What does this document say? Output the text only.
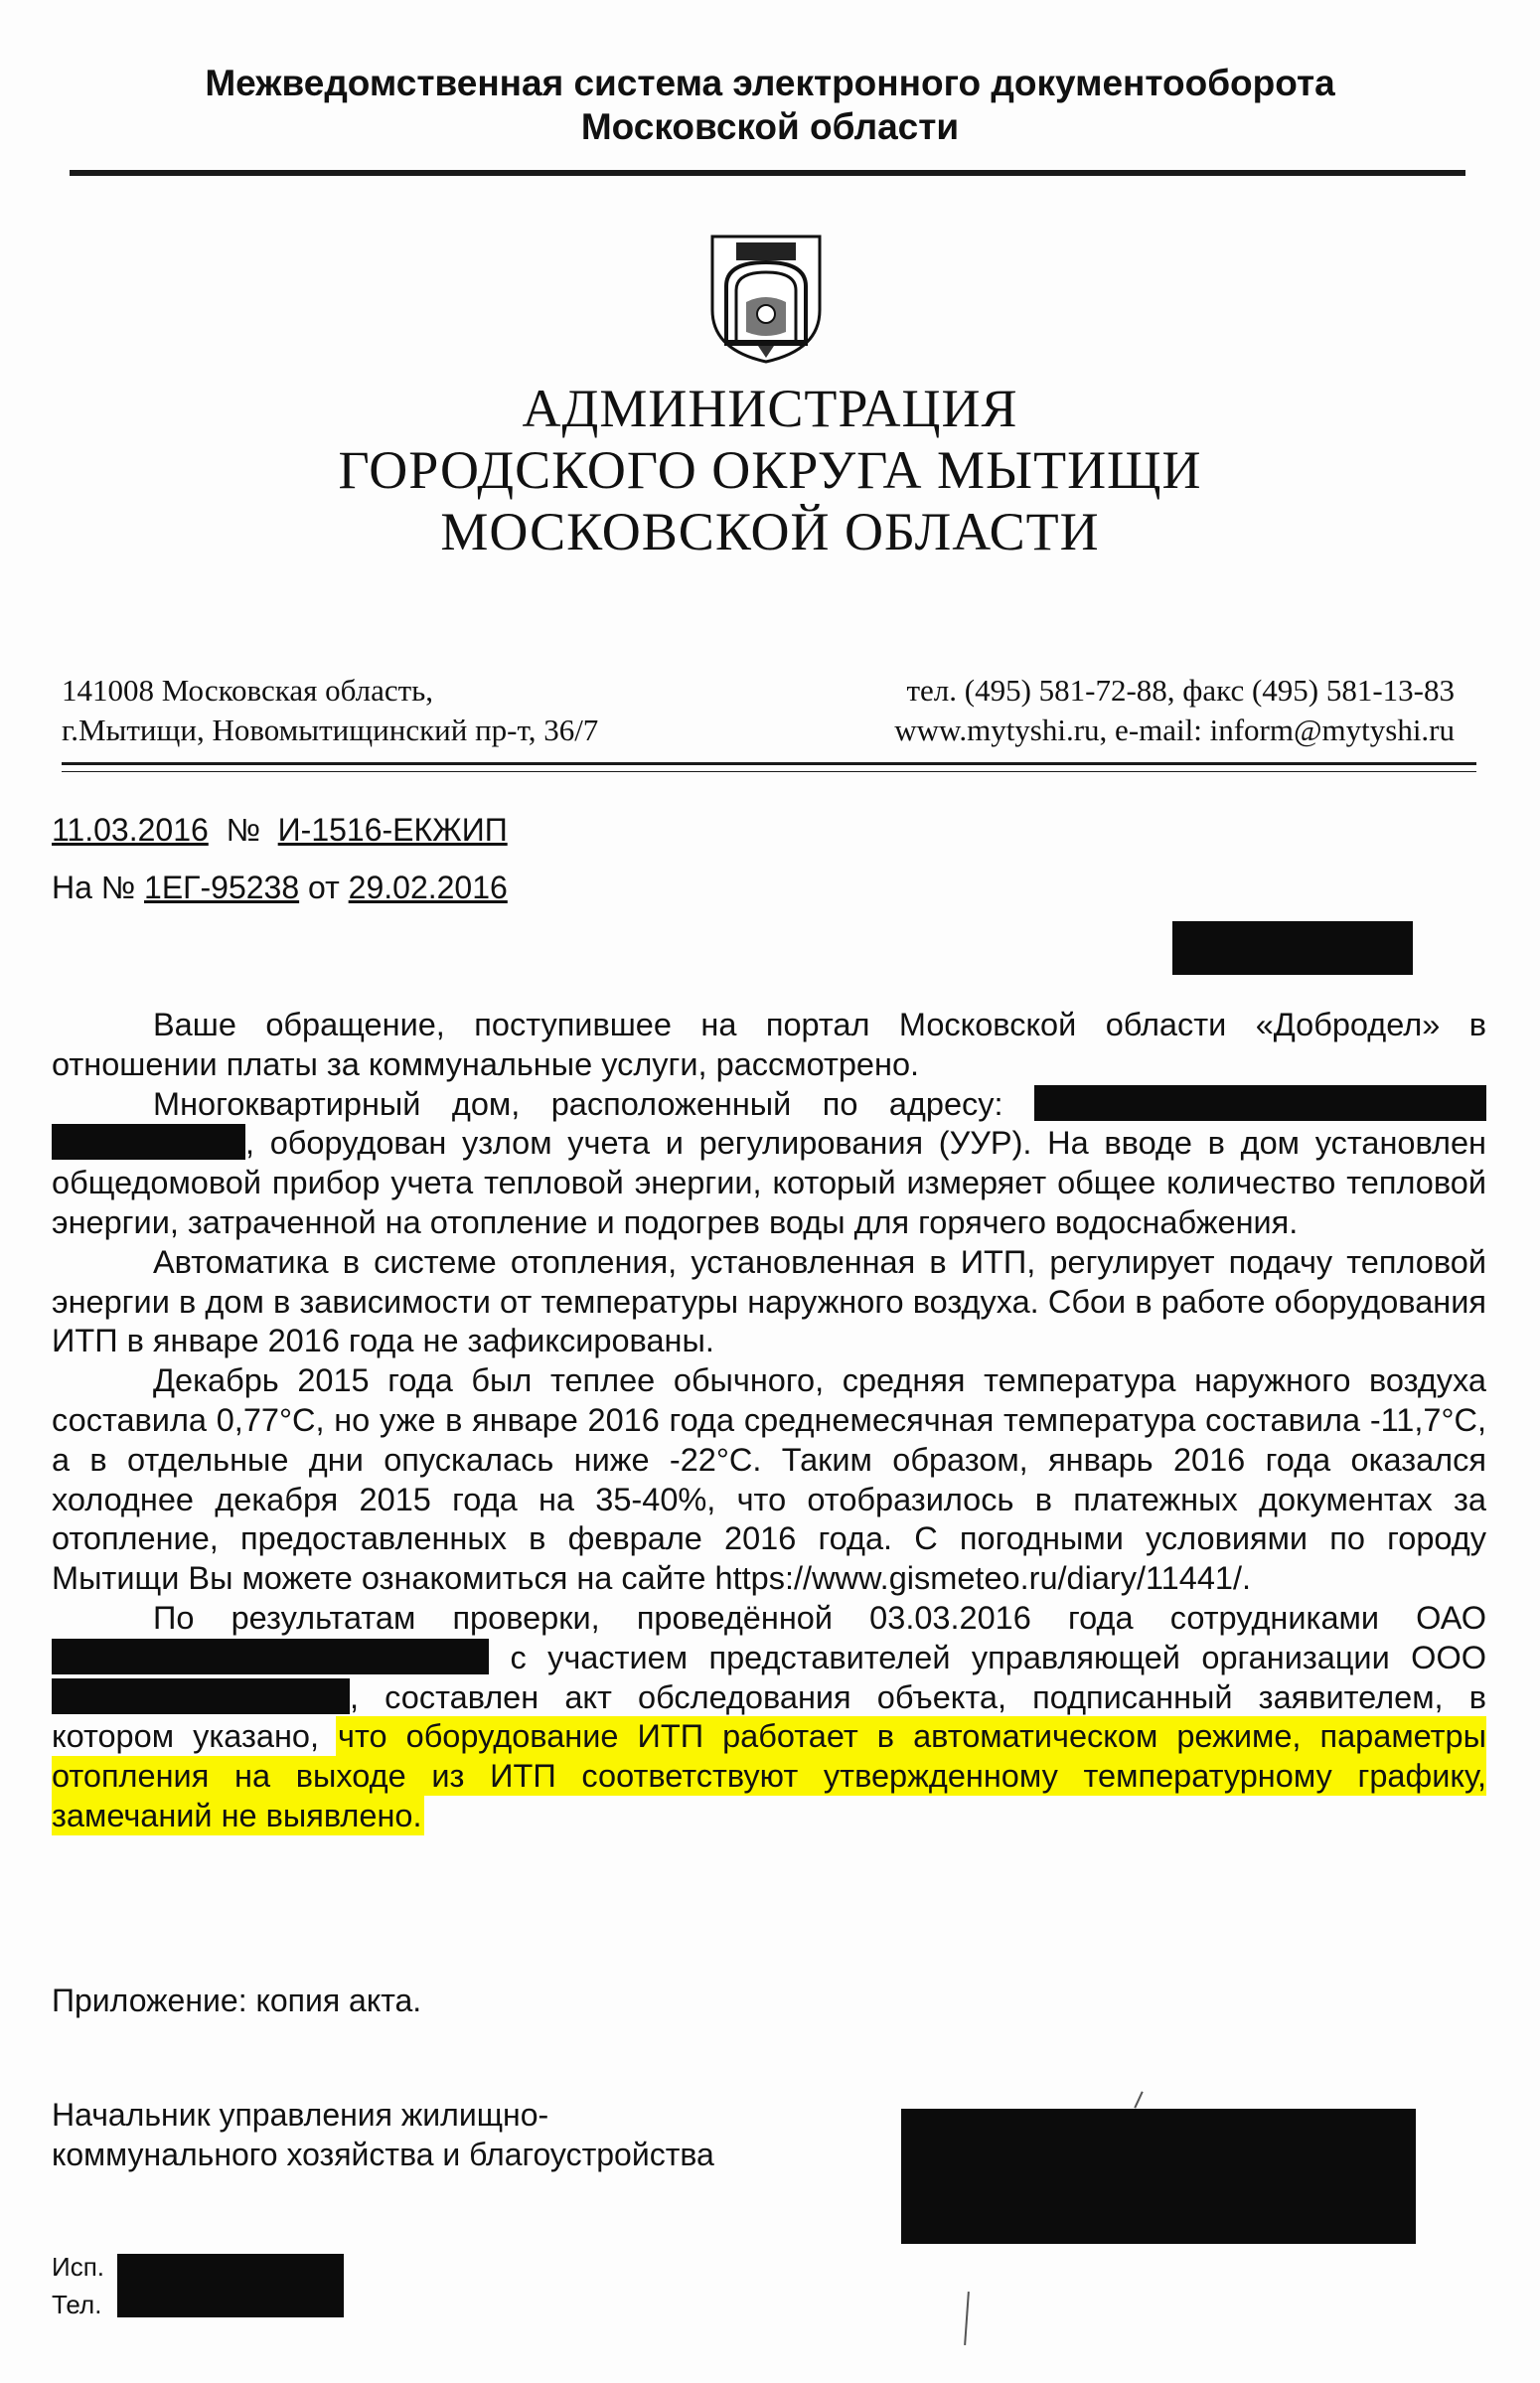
Межведомственная система электронного документооборота
Московской области
АДМИНИСТРАЦИЯ
ГОРОДСКОГО ОКРУГА МЫТИЩИ
МОСКОВСКОЙ ОБЛАСТИ
141008 Московская область,
г.Мытищи, Новомытищинский пр-т, 36/7
тел. (495) 581-72-88, факс (495) 581-13-83
www.mytyshi.ru, e-mail: inform@mytyshi.ru
11.03.2016 № И-1516-ЕКЖИП
На № 1ЕГ-95238 от 29.02.2016

Ваше обращение, поступившее на портал Московской области «Добродел» в отношении платы за коммунальные услуги, рассмотрено.

Многоквартирный дом, расположенный по адресу:  , оборудован узлом учета и регулирования (УУР). На вводе в дом установлен общедомовой прибор учета тепловой энергии, который измеряет общее количество тепловой энергии, затраченной на отопление и подогрев воды для горячего водоснабжения.

Автоматика в системе отопления, установленная в ИТП, регулирует подачу тепловой энергии в дом в зависимости от температуры наружного воздуха. Сбои в работе оборудования ИТП в январе 2016 года не зафиксированы.

Декабрь 2015 года был теплее обычного, средняя температура наружного воздуха составила 0,77°С, но уже в январе 2016 года среднемесячная температура составила -11,7°С, а в отдельные дни опускалась ниже -22°С. Таким образом, январь 2016 года оказался холоднее декабря 2015 года на 35-40%, что отобразилось в платежных документах за отопление, предоставленных в феврале 2016 года. С погодными условиями по городу Мытищи Вы можете ознакомиться на сайте https://www.gismeteo.ru/diary/11441/.

По результатам проверки, проведённой 03.03.2016 года сотрудниками ОАО  с участием представителей управляющей организации ООО , составлен акт обследования объекта, подписанный заявителем, в котором указано, что оборудование ИТП работает в автоматическом режиме, параметры отопления на выходе из ИТП соответствуют утвержденному температурному графику, замечаний не выявлено.

Приложение: копия акта.
Начальник управления жилищно-
коммунального хозяйства и благоустройства
Исп.
Тел.
